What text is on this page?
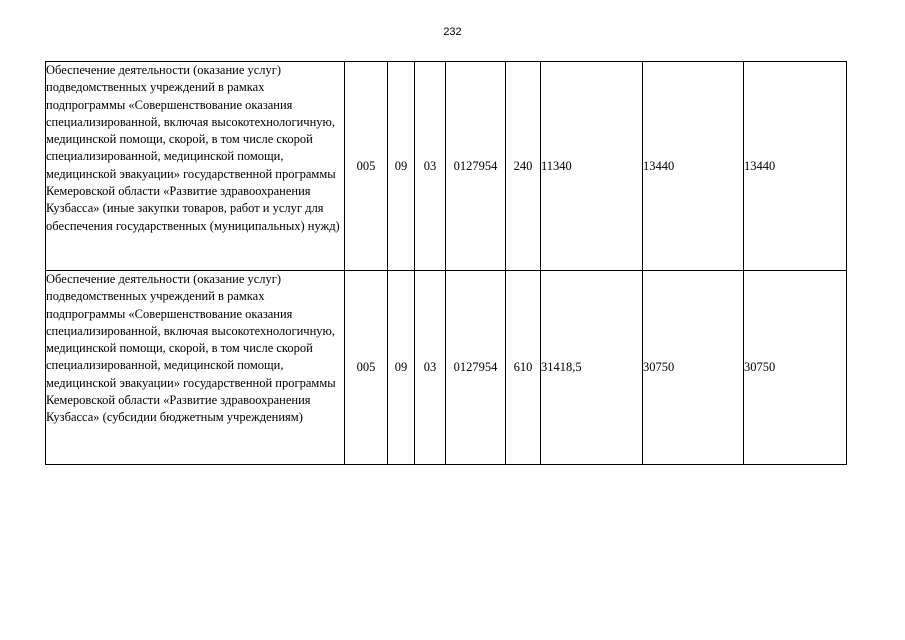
232
Обеспечение деятельности (оказание услуг) подведомственных учреждений в рамках подпрограммы «Совершенствование оказания специализированной, включая высокотехнологичную, медицинской помощи, скорой, в том числе скорой специализированной, медицинской помощи, медицинской эвакуации» государственной программы Кемеровской области «Развитие здравоохранения Кузбасса» (иные закупки товаров, работ и услуг для обеспечения государственных (муниципальных) нужд)	005	09	03	0127954	240	11340	13440	13440
Обеспечение деятельности (оказание услуг) подведомственных учреждений в рамках подпрограммы «Совершенствование оказания специализированной, включая высокотехнологичную, медицинской помощи, скорой, в том числе скорой специализированной, медицинской помощи, медицинской эвакуации» государственной программы Кемеровской области «Развитие здравоохранения Кузбасса» (субсидии бюджетным учреждениям)	005	09	03	0127954	610	31418,5	30750	30750
